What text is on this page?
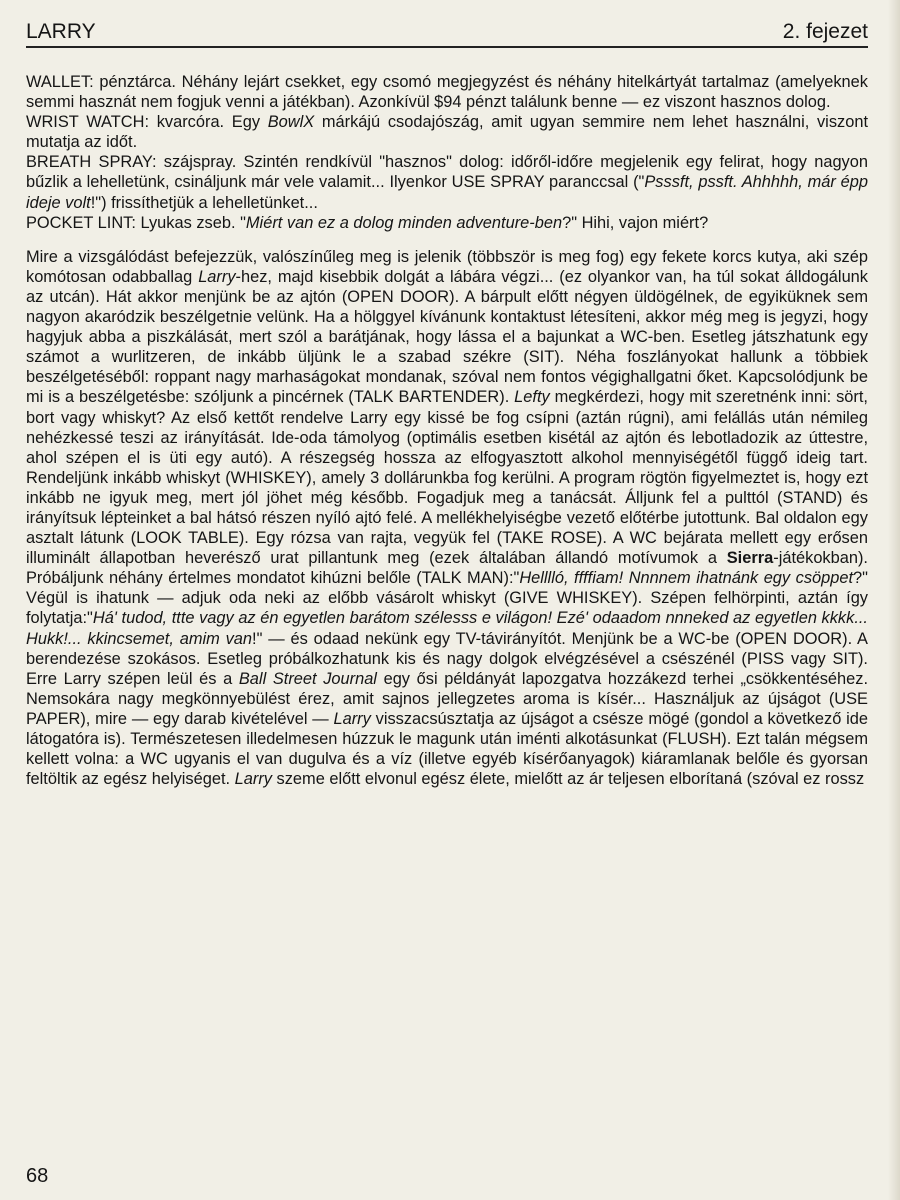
LARRY	2. fejezet

WALLET: pénztárca. Néhány lejárt csekket, egy csomó megjegyzést és néhány hitelkártyát tartalmaz (amelyeknek semmi hasznát nem fogjuk venni a játékban). Azonkívül $94 pénzt találunk benne — ez viszont hasznos dolog.

WRIST WATCH: kvarcóra. Egy BowlX márkájú csodajószág, amit ugyan semmire nem lehet használni, viszont mutatja az időt.

BREATH SPRAY: szájspray. Szintén rendkívül "hasznos" dolog: időről-időre megjelenik egy felirat, hogy nagyon bűzlik a lehelletünk, csináljunk már vele valamit... Ilyenkor USE SPRAY paranccsal ("Psssft, pssft. Ahhhhh, már épp ideje volt!") frissíthetjük a lehelletünket...

POCKET LINT: Lyukas zseb. "Miért van ez a dolog minden adventure-ben?" Hihi, vajon miért?

Mire a vizsgálódást befejezzük, valószínűleg meg is jelenik (többször is meg fog) egy fekete korcs kutya, aki szép komótosan odabballag Larry-hez, majd kisebbik dolgát a lábára végzi... (ez olyankor van, ha túl sokat álldogálunk az utcán). Hát akkor menjünk be az ajtón (OPEN DOOR). A bárpult előtt négyen üldögélnek, de egyiküknek sem nagyon akaródzik beszélgetnie velünk. Ha a hölggyel kívánunk kontaktust létesíteni, akkor még meg is jegyzi, hogy hagyjuk abba a piszkálását, mert szól a barátjának, hogy lássa el a bajunkat a WC-ben. Esetleg játszhatunk egy számot a wurlitzeren, de inkább üljünk le a szabad székre (SIT). Néha foszlányokat hallunk a többiek beszélgetéséből: roppant nagy marhaságokat mondanak, szóval nem fontos végighallgatni őket. Kapcsolódjunk be mi is a beszélgetésbe: szóljunk a pincérnek (TALK BARTENDER). Lefty megkérdezi, hogy mit szeretnénk inni: sört, bort vagy whiskyt? Az első kettőt rendelve Larry egy kissé be fog csípni (aztán rúgni), ami felállás után némileg nehézkessé teszi az irányítását. Ide-oda támolyog (optimális esetben kisétál az ajtón és lebotladozik az úttestre, ahol szépen el is üti egy autó). A részegség hossza az elfogyasztott alkohol mennyiségétől függő ideig tart. Rendeljünk inkább whiskyt (WHISKEY), amely 3 dollárunkba fog kerülni. A program rögtön figyelmeztet is, hogy ezt inkább ne igyuk meg, mert jól jöhet még később. Fogadjuk meg a tanácsát. Álljunk fel a pulttól (STAND) és irányítsuk lépteinket a bal hátsó részen nyíló ajtó felé. A mellékhelyiségbe vezető előtérbe jutottunk. Bal oldalon egy asztalt látunk (LOOK TABLE). Egy rózsa van rajta, vegyük fel (TAKE ROSE). A WC bejárata mellett egy erősen illuminált állapotban heverésző urat pillantunk meg (ezek általában állandó motívumok a Sierra-játékokban). Próbáljunk néhány értelmes mondatot kihúzni belőle (TALK MAN):"Helllló, ffffiam! Nnnnem ihatnánk egy csöppet?" Végül is ihatunk — adjuk oda neki az előbb vásárolt whiskyt (GIVE WHISKEY). Szépen felhörpinti, aztán így folytatja:"Há' tudod, ttte vagy az én egyetlen barátom szélesss e világon! Ezé' odaadom nnneked az egyetlen kkkk... Hukk!... kkincsemet, amim van!" — és odaad nekünk egy TV-távirányítót. Menjünk be a WC-be (OPEN DOOR). A berendezése szokásos. Esetleg próbálkozhatunk kis és nagy dolgok elvégzésével a csészénél (PISS vagy SIT). Erre Larry szépen leül és a Ball Street Journal egy ősi példányát lapozgatva hozzákezd terhei „csökkentéséhez. Nemsokára nagy megkönnyebülést érez, amit sajnos jellegzetes aroma is kísér... Használjuk az újságot (USE PAPER), mire — egy darab kivételével — Larry visszacsúsztatja az újságot a csésze mögé (gondol a következő ide látogatóra is). Természetesen illedelmesen húzzuk le magunk után iménti alkotásunkat (FLUSH). Ezt talán mégsem kellett volna: a WC ugyanis el van dugulva és a víz (illetve egyéb kísérőanyagok) kiáramlanak belőle és gyorsan feltöltik az egész helyiséget. Larry szeme előtt elvonul egész élete, mielőtt az ár teljesen elborítaná (szóval ez rossz

68
